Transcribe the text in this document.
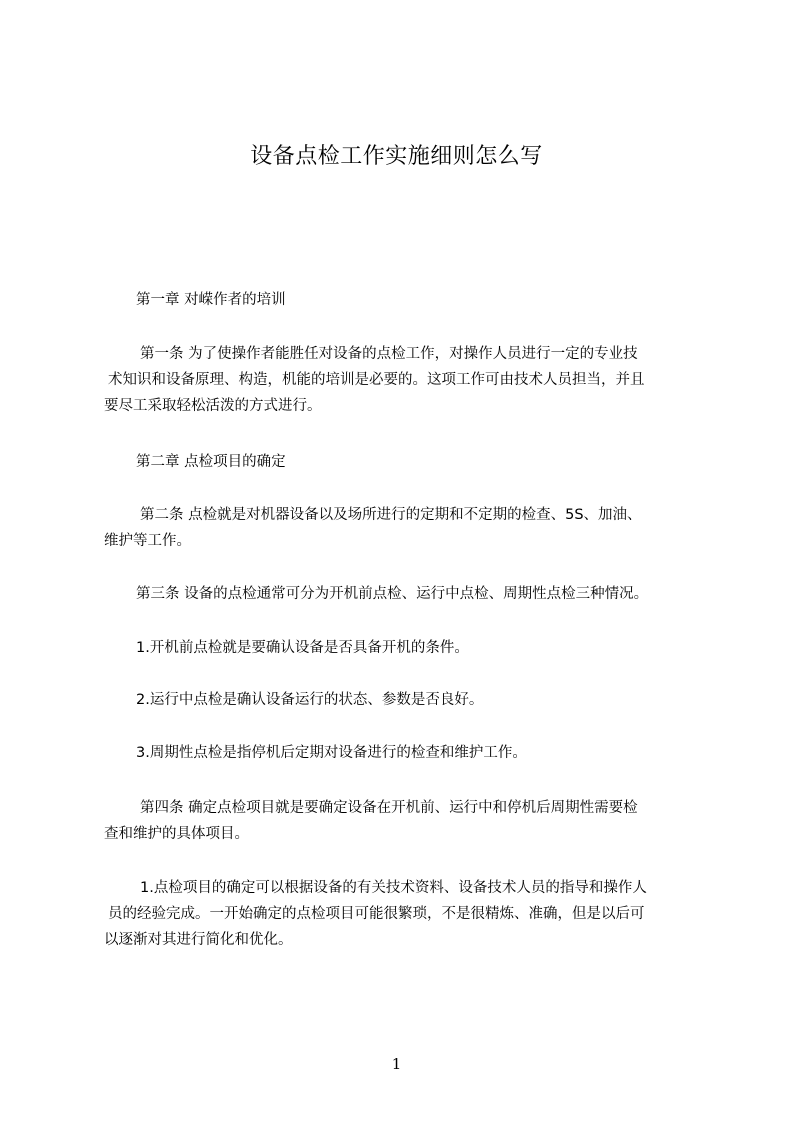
设备点检工作实施细则怎么写
第一章 对嵘作者的培训
第一条 为了使操作者能胜任对设备的点检工作，对操作人员进行一定的专业技
术知识和设备原理、构造，机能的培训是必要的。这项工作可由技术人员担当，并且
要尽工采取轻松活泼的方式进行。
第二章 点检项目的确定
第二条 点检就是对机器设备以及场所进行的定期和不定期的检查、5S、加油、
维护等工作。
第三条 设备的点检通常可分为开机前点检、运行中点检、周期性点检三种情况。
1.开机前点检就是要确认设备是否具备开机的条件。
2.运行中点检是确认设备运行的状态、参数是否良好。
3.周期性点检是指停机后定期对设备进行的检查和维护工作。
第四条 确定点检项目就是要确定设备在开机前、运行中和停机后周期性需要检
查和维护的具体项目。
1.点检项目的确定可以根据设备的有关技术资料、设备技术人员的指导和操作人
员的经验完成。一开始确定的点检项目可能很繁琐，不是很精炼、准确，但是以后可
以逐渐对其进行简化和优化。
1
